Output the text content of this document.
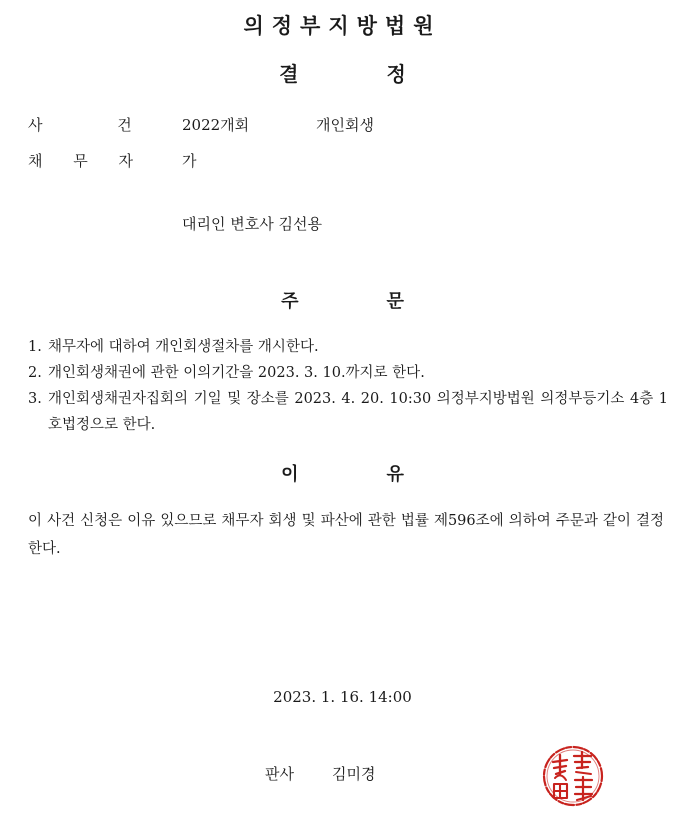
의정부지방법원
결	정
사 건	2022개회	개인회생
채 무 자	가
대리인 변호사 김선용
주	문
1. 채무자에 대하여 개인회생절차를 개시한다.
2. 개인회생채권에 관한 이의기간을 2023. 3. 10.까지로 한다.
3. 개인회생채권자집회의 기일 및 장소를 2023. 4. 20. 10:30 의정부지방법원 의정부등기소 4층 1호법정으로 한다.
이	유
이 사건 신청은 이유 있으므로 채무자 회생 및 파산에 관한 법률 제596조에 의하여 주문과 같이 결정한다.
2023. 1. 16. 14:00
판사	김미경
